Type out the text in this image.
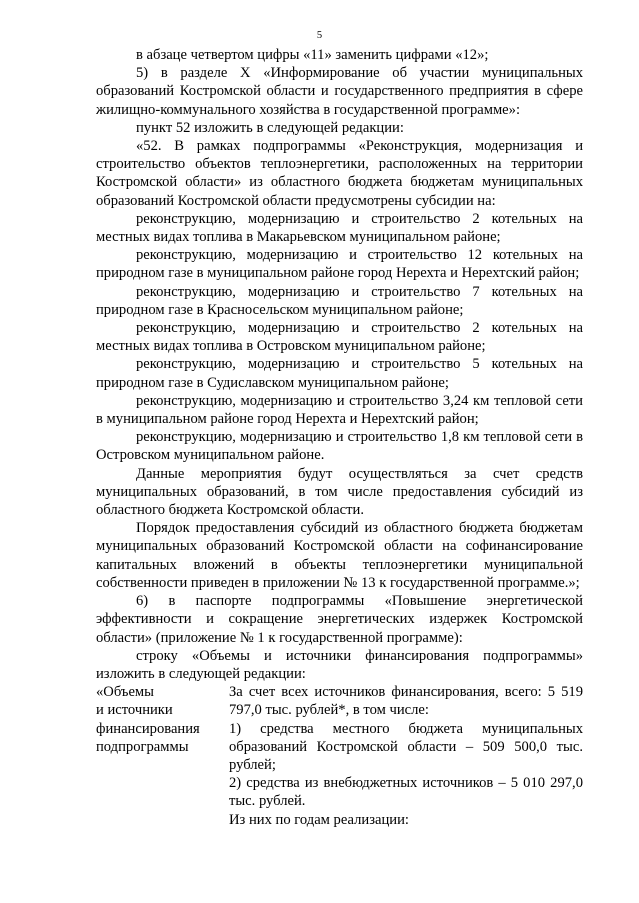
5

в абзаце четвертом цифры «11» заменить цифрами «12»;

5) в разделе X «Информирование об участии муниципальных образований Костромской области и государственного предприятия в сфере жилищно-коммунального хозяйства в государственной программе»:

пункт 52 изложить в следующей редакции:

«52. В рамках подпрограммы «Реконструкция, модернизация и строительство объектов теплоэнергетики, расположенных на территории Костромской области» из областного бюджета бюджетам муниципальных образований Костромской области предусмотрены субсидии на:

реконструкцию, модернизацию и строительство 2 котельных на местных видах топлива в Макарьевском муниципальном районе;

реконструкцию, модернизацию и строительство 12 котельных на природном газе в муниципальном районе город Нерехта и Нерехтский район;

реконструкцию, модернизацию и строительство 7 котельных на природном газе в Красносельском муниципальном районе;

реконструкцию, модернизацию и строительство 2 котельных на местных видах топлива в Островском муниципальном районе;

реконструкцию, модернизацию и строительство 5 котельных на природном газе в Судиславском муниципальном районе;

реконструкцию, модернизацию и строительство 3,24 км тепловой сети в муниципальном районе город Нерехта и Нерехтский район;

реконструкцию, модернизацию и строительство 1,8 км тепловой сети в Островском муниципальном районе.

Данные мероприятия будут осуществляться за счет средств муниципальных образований, в том числе предоставления субсидий из областного бюджета Костромской области.

Порядок предоставления субсидий из областного бюджета бюджетам муниципальных образований Костромской области на софинансирование капитальных вложений в объекты теплоэнергетики муниципальной собственности приведен в приложении № 13 к государственной программе.»;

6) в паспорте подпрограммы «Повышение энергетической эффективности и сокращение энергетических издержек Костромской области» (приложение № 1 к государственной программе):

строку «Объемы и источники финансирования подпрограммы» изложить в следующей редакции:

«Объемы
и источники
финансирования
подпрограммы

За счет всех источников финансирования, всего: 5 519 797,0 тыс. рублей*, в том числе:

1) средства местного бюджета муниципальных образований Костромской области – 509 500,0 тыс. рублей;

2) средства из внебюджетных источников – 5 010 297,0 тыс. рублей.

Из них по годам реализации:
